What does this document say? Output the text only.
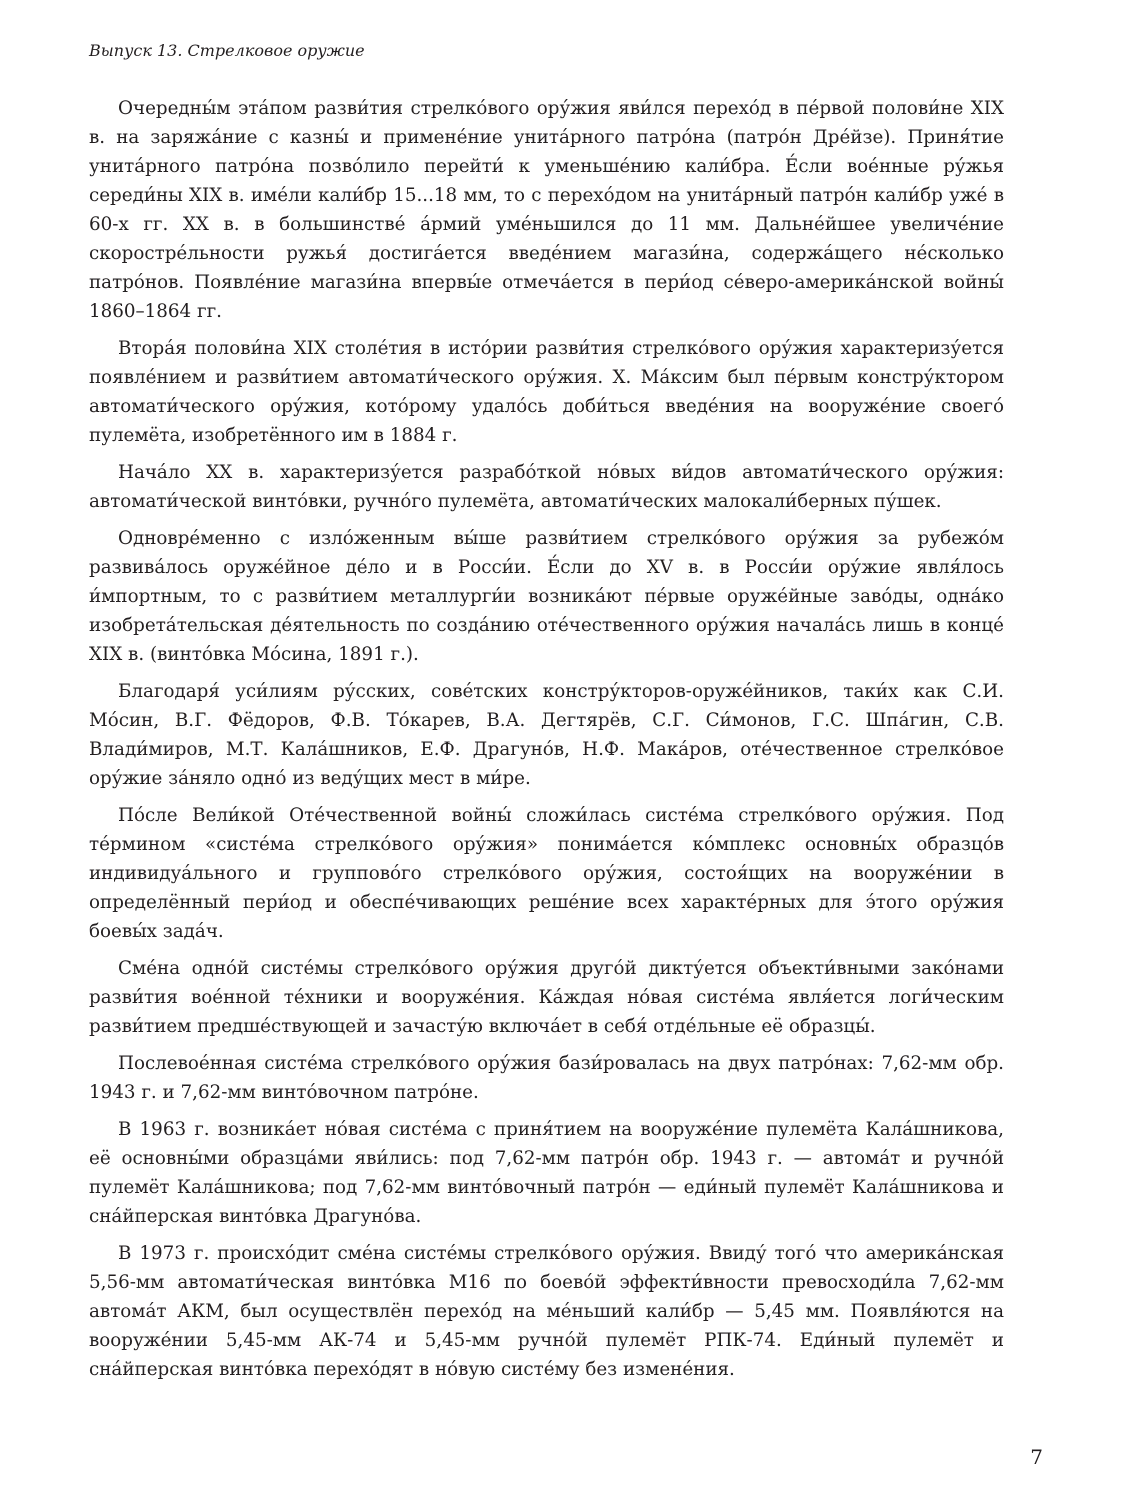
Выпуск 13. Стрелковое оружие

Очередны́м эта́пом разви́тия стрелко́вого ору́жия яви́лся перехо́д в пе́рвой полови́не XIX в. на заряжа́ние с казны́ и примене́ние унита́рного патро́на (патро́н Дре́йзе). Приня́тие унита́рного патро́на позво́лило перейти́ к уменьше́нию кали́бра. Е́сли вое́нные ру́жья середи́ны XIX в. име́ли кали́бр 15...18 мм, то с перехо́дом на унита́рный патро́н кали́бр уже́ в 60-х гг. XX в. в большинстве́ а́рмий уме́ньшился до 11 мм. Дальне́йшее увеличе́ние скорострéльности ружья́ достига́ется введе́нием магази́на, содержа́щего не́сколько патро́нов. Появле́ние магази́на впервы́е отмеча́ется в пери́од се́веро-америка́нской войны́ 1860–1864 гг.

Втора́я полови́на XIX столе́тия в исто́рии разви́тия стрелко́вого ору́жия характеризу́ется появле́нием и разви́тием автомати́ческого ору́жия. Х. Ма́ксим был пе́рвым констру́ктором автомати́ческого ору́жия, кото́рому удало́сь доби́ться введе́ния на вооруже́ние своего́ пулемёта, изобретённого им в 1884 г.

Нача́ло XX в. характеризу́ется разрабо́ткой но́вых ви́дов автомати́ческого ору́жия: автомати́ческой винто́вки, ручно́го пулемёта, автомати́ческих малокали́берных пу́шек.

Одновре́менно с изло́женным вы́ше разви́тием стрелко́вого ору́жия за рубежо́м развива́лось оруже́йное де́ло и в Росси́и. Е́сли до XV в. в Росси́и ору́жие явля́лось и́мпортным, то с разви́тием металлурги́и возника́ют пе́рвые оруже́йные заво́ды, одна́ко изобрета́тельская де́ятельность по созда́нию оте́чественного ору́жия начала́сь лишь в конце́ XIX в. (винто́вка Мо́сина, 1891 г.).

Благодаря́ уси́лиям ру́сских, сове́тских констру́кторов-оруже́йников, таки́х как С.И. Мо́син, В.Г. Фёдоров, Ф.В. То́карев, В.А. Дегтярёв, С.Г. Си́монов, Г.С. Шпа́гин, С.В. Влади́миров, М.Т. Кала́шников, Е.Ф. Драгуно́в, Н.Ф. Мака́ров, оте́чественное стрелко́вое ору́жие за́няло одно́ из веду́щих мест в ми́ре.

По́сле Вели́кой Оте́чественной войны́ сложи́лась систе́ма стрелко́вого ору́жия. Под те́рмином «систе́ма стрелко́вого ору́жия» понима́ется ко́мплекс основны́х образцо́в индивидуа́льного и группово́го стрелко́вого ору́жия, состоя́щих на вооруже́нии в определённый пери́од и обеспе́чивающих реше́ние всех характе́рных для э́того ору́жия боевы́х зада́ч.

Сме́на одно́й систе́мы стрелко́вого ору́жия друго́й дикту́ется объекти́вными зако́нами разви́тия вое́нной те́хники и вооруже́ния. Ка́ждая но́вая систе́ма явля́ется логи́ческим разви́тием предше́ствующей и зачасту́ю включа́ет в себя́ отде́льные её образцы́.

Послевое́нная систе́ма стрелко́вого ору́жия бази́ровалась на двух патро́нах: 7,62-мм обр. 1943 г. и 7,62-мм винто́вочном патро́не.

В 1963 г. возника́ет но́вая систе́ма с приня́тием на вооруже́ние пулемёта Кала́шникова, её основны́ми образца́ми яви́лись: под 7,62-мм патро́н обр. 1943 г. — автома́т и ручно́й пулемёт Кала́шникова; под 7,62-мм винто́вочный патро́н — еди́ный пулемёт Кала́шникова и сна́йперская винто́вка Драгуно́ва.

В 1973 г. происхо́дит сме́на систе́мы стрелко́вого ору́жия. Ввиду́ того́ что америка́нская 5,56-мм автомати́ческая винто́вка М16 по боево́й эффекти́вности превосходи́ла 7,62-мм автома́т АКМ, был осуществлён перехо́д на ме́ньший кали́бр — 5,45 мм. Появля́ются на вооруже́нии 5,45-мм АК-74 и 5,45-мм ручно́й пулемёт РПК-74. Еди́ный пулемёт и сна́йперская винто́вка перехо́дят в но́вую систе́му без измене́ния.

7
